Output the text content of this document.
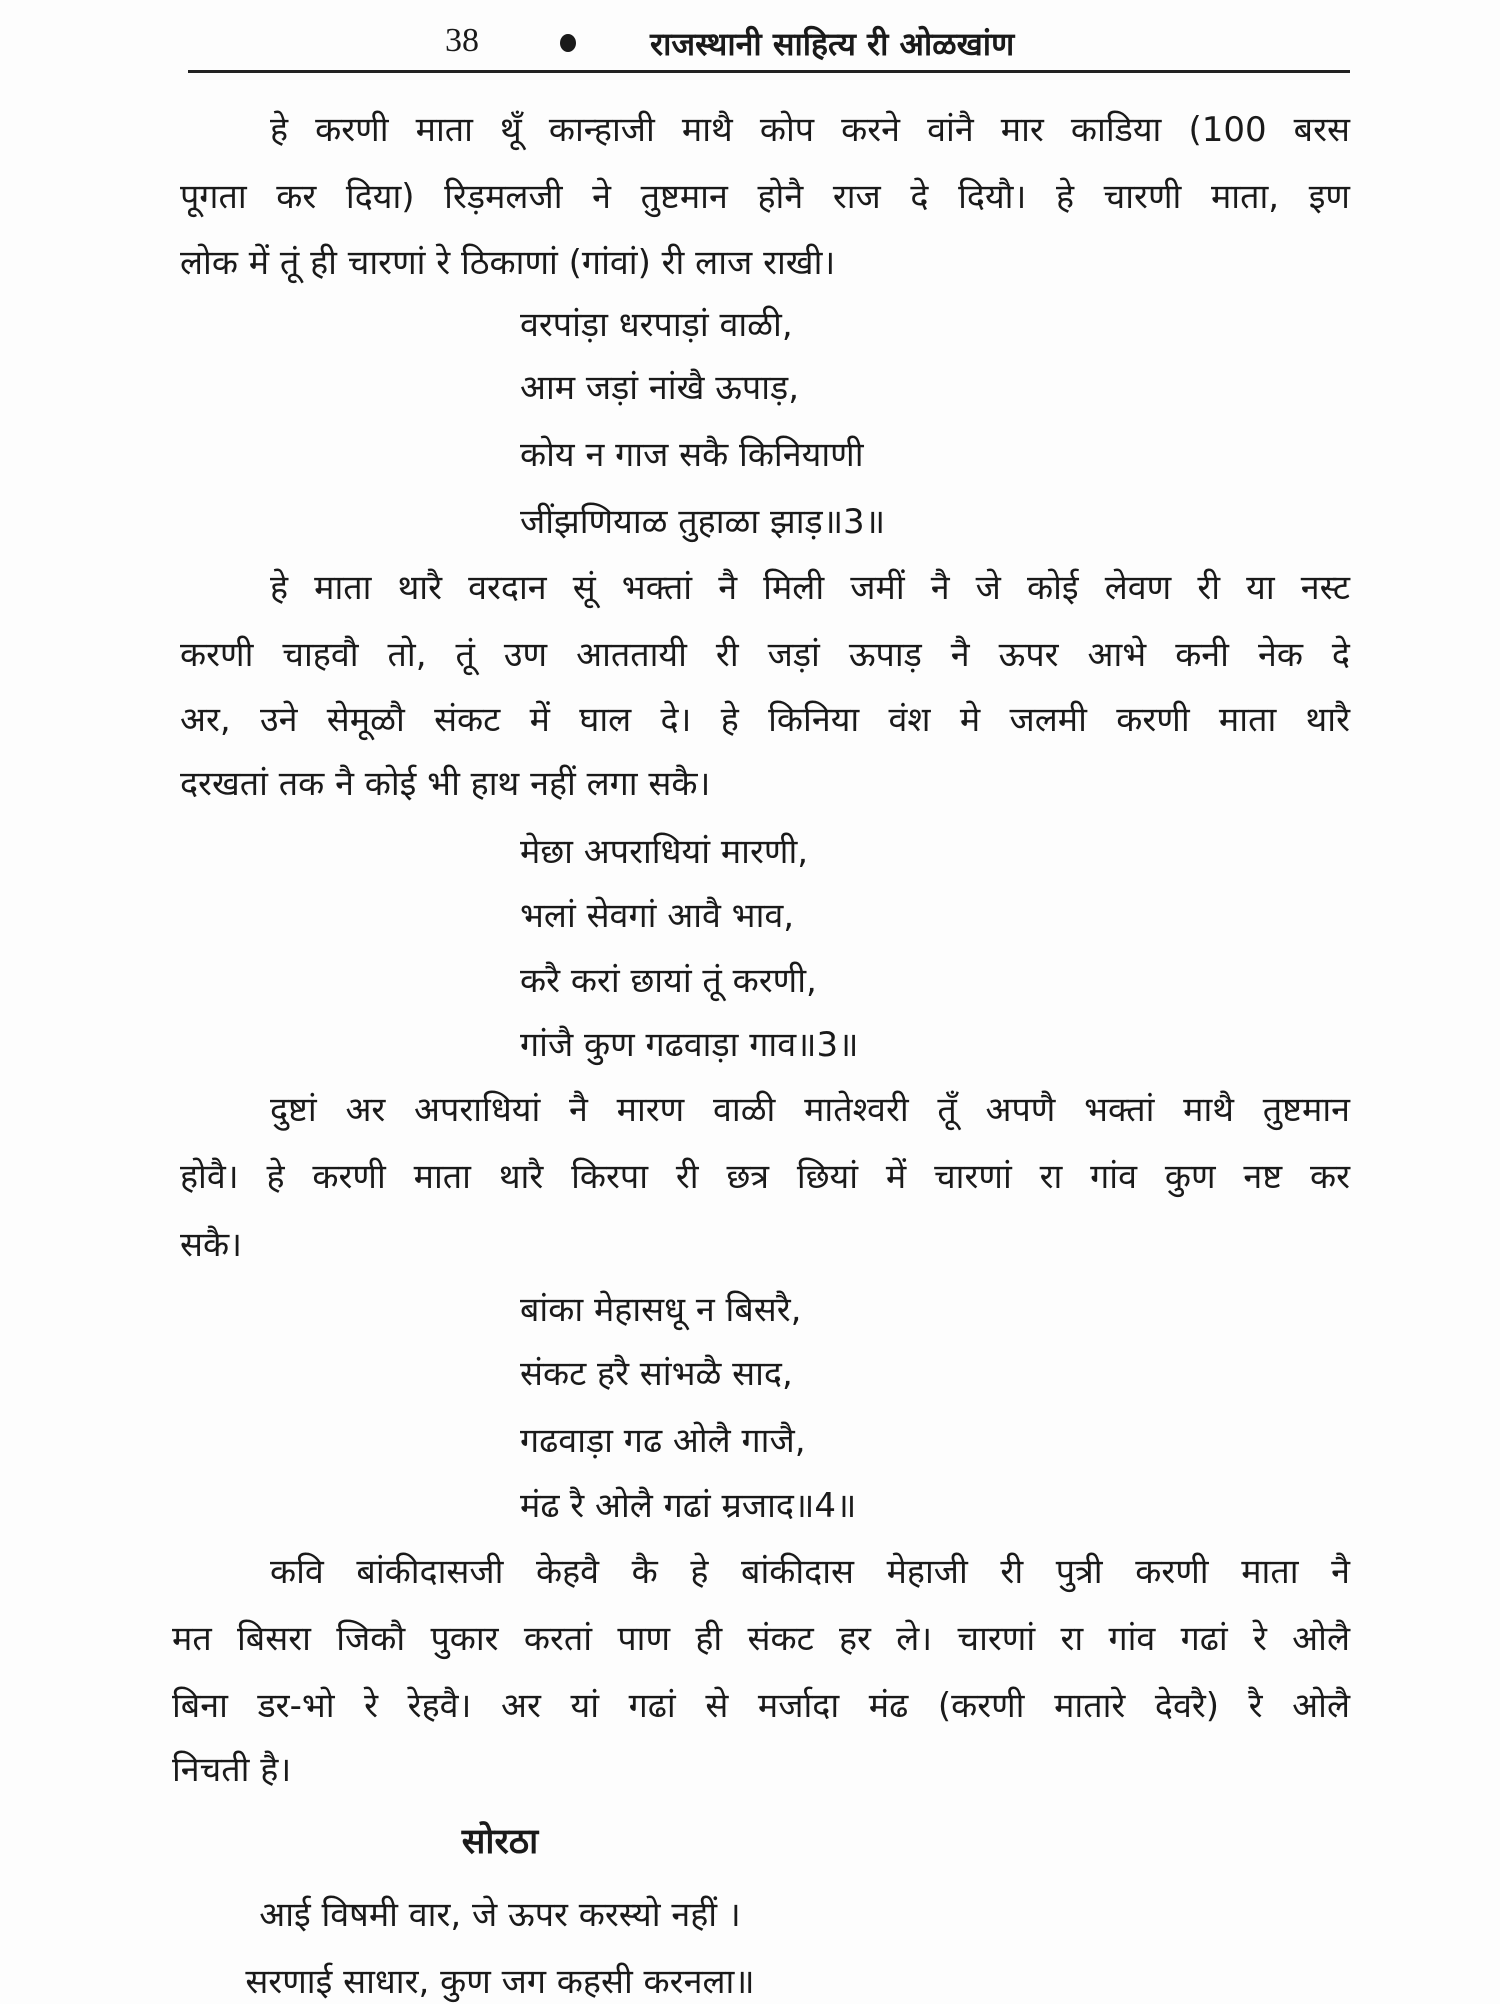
38	राजस्थानी साहित्य री ओळखांण
हे करणी माता थूँ कान्हाजी माथै कोप करने वांनै मार काडिया (100 बरस
पूगता कर दिया) रिड़मलजी ने तुष्टमान होनै राज दे दियौ। हे चारणी माता, इण
लोक में तूं ही चारणां रे ठिकाणां (गांवां) री लाज राखी।
वरपांड़ा धरपाड़ां वाळी,
आम जड़ां नांखै ऊपाड़,
कोय न गाज सकै किनियाणी
जींझणियाळ तुहाळा झाड़॥3॥
हे माता थारै वरदान सूं भक्तां नै मिली जमीं नै जे कोई लेवण री या नस्ट
करणी चाहवौ तो, तूं उण आततायी री जड़ां ऊपाड़ नै ऊपर आभे कनी नेक दे
अर, उने सेमूळौ संकट में घाल दे। हे किनिया वंश मे जलमी करणी माता थारै
दरखतां तक नै कोई भी हाथ नहीं लगा सकै।
मेछा अपराधियां मारणी,
भलां सेवगां आवै भाव,
करै करां छायां तूं करणी,
गांजै कुण गढवाड़ा गाव॥3॥
दुष्टां अर अपराधियां नै मारण वाळी मातेश्वरी तूँ अपणै भक्तां माथै तुष्टमान
होवै। हे करणी माता थारै किरपा री छत्र छियां में चारणां रा गांव कुण नष्ट कर
सकै।
बांका मेहासधू न बिसरै,
संकट हरै सांभळै साद,
गढवाड़ा गढ ओलै गाजै,
मंढ रै ओलै गढां म्रजाद॥4॥
कवि बांकीदासजी केहवै कै हे बांकीदास मेहाजी री पुत्री करणी माता नै
मत बिसरा जिकौ पुकार करतां पाण ही संकट हर ले। चारणां रा गांव गढां रे ओलै
बिना डर-भो रे रेहवै। अर यां गढां से मर्जादा मंढ (करणी मातारे देवरै) रै ओलै
निचती है।
सोरठा
आई विषमी वार, जे ऊपर करस्यो नहीं ।
सरणाई साधार, कुण जग कहसी करनला॥
